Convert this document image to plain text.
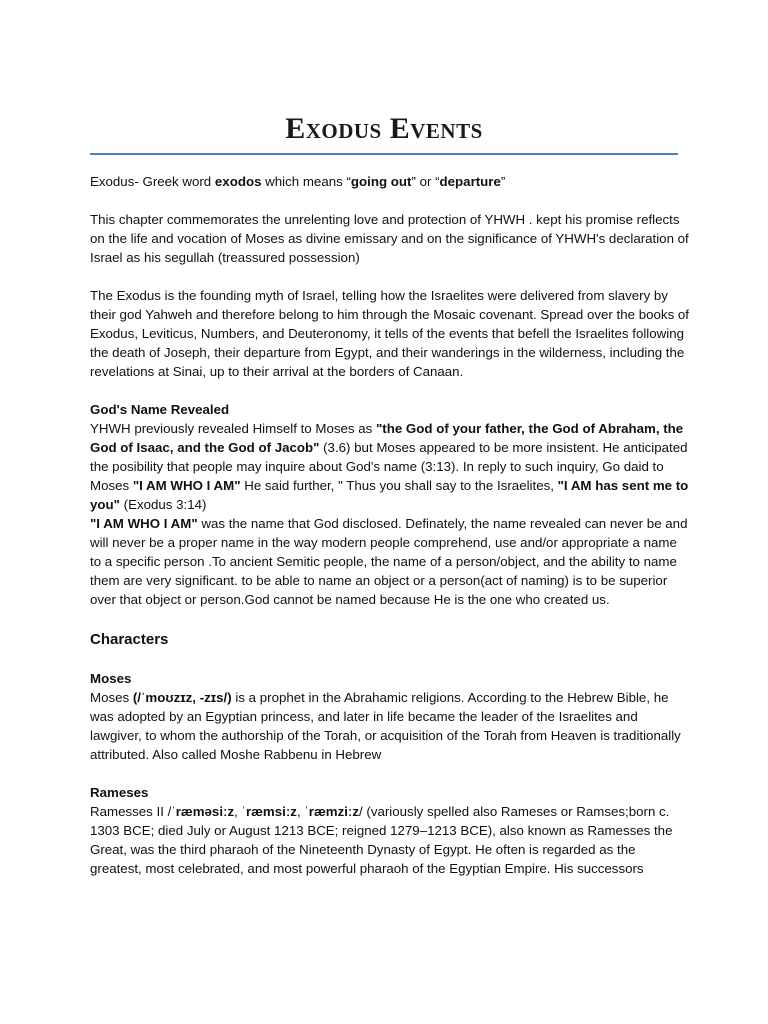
Exodus Events

Exodus- Greek word exodos which means “going out” or “departure”

This chapter commemorates the unrelenting love and protection of YHWH . kept his promise reflects on the life and vocation of Moses as divine emissary and on the significance of YHWH's declaration of Israel as his segullah (treassured possession)

The Exodus is the founding myth of Israel, telling how the Israelites were delivered from slavery by their god Yahweh and therefore belong to him through the Mosaic covenant. Spread over the books of Exodus, Leviticus, Numbers, and Deuteronomy, it tells of the events that befell the Israelites following the death of Joseph, their departure from Egypt, and their wanderings in the wilderness, including the revelations at Sinai, up to their arrival at the borders of Canaan.

God's Name Revealed

YHWH previously revealed Himself to Moses as "the God of your father, the God of Abraham, the God of Isaac, and the God of Jacob" (3.6) but Moses appeared to be more insistent. He anticipated the posibility that people may inquire about God's name (3:13). In reply to such inquiry, Go daid to Moses "I AM WHO I AM" He said further, " Thus you shall say to the Israelites, "I AM has sent me to you" (Exodus 3:14)

"I AM WHO I AM" was the name that God disclosed. Definately, the name revealed can never be and will never be a proper name in the way modern people comprehend, use and/or appropriate a name to a specific person .To ancient Semitic people, the name of a person/object, and the ability to name them are very significant. to be able to name an object or a person(act of naming) is to be superior over that object or person.God cannot be named because He is the one who created us.

Characters

Moses

Moses (/ˈmoʊzɪz, -zɪs/) is a prophet in the Abrahamic religions. According to the Hebrew Bible, he was adopted by an Egyptian princess, and later in life became the leader of the Israelites and lawgiver, to whom the authorship of the Torah, or acquisition of the Torah from Heaven is traditionally attributed. Also called Moshe Rabbenu in Hebrew

Rameses

Ramesses II /ˈræməsiːz, ˈræmsiːz, ˈræmziːz/ (variously spelled also Rameses or Ramses;born c. 1303 BCE; died July or August 1213 BCE; reigned 1279–1213 BCE), also known as Ramesses the Great, was the third pharaoh of the Nineteenth Dynasty of Egypt. He often is regarded as the greatest, most celebrated, and most powerful pharaoh of the Egyptian Empire. His successors
